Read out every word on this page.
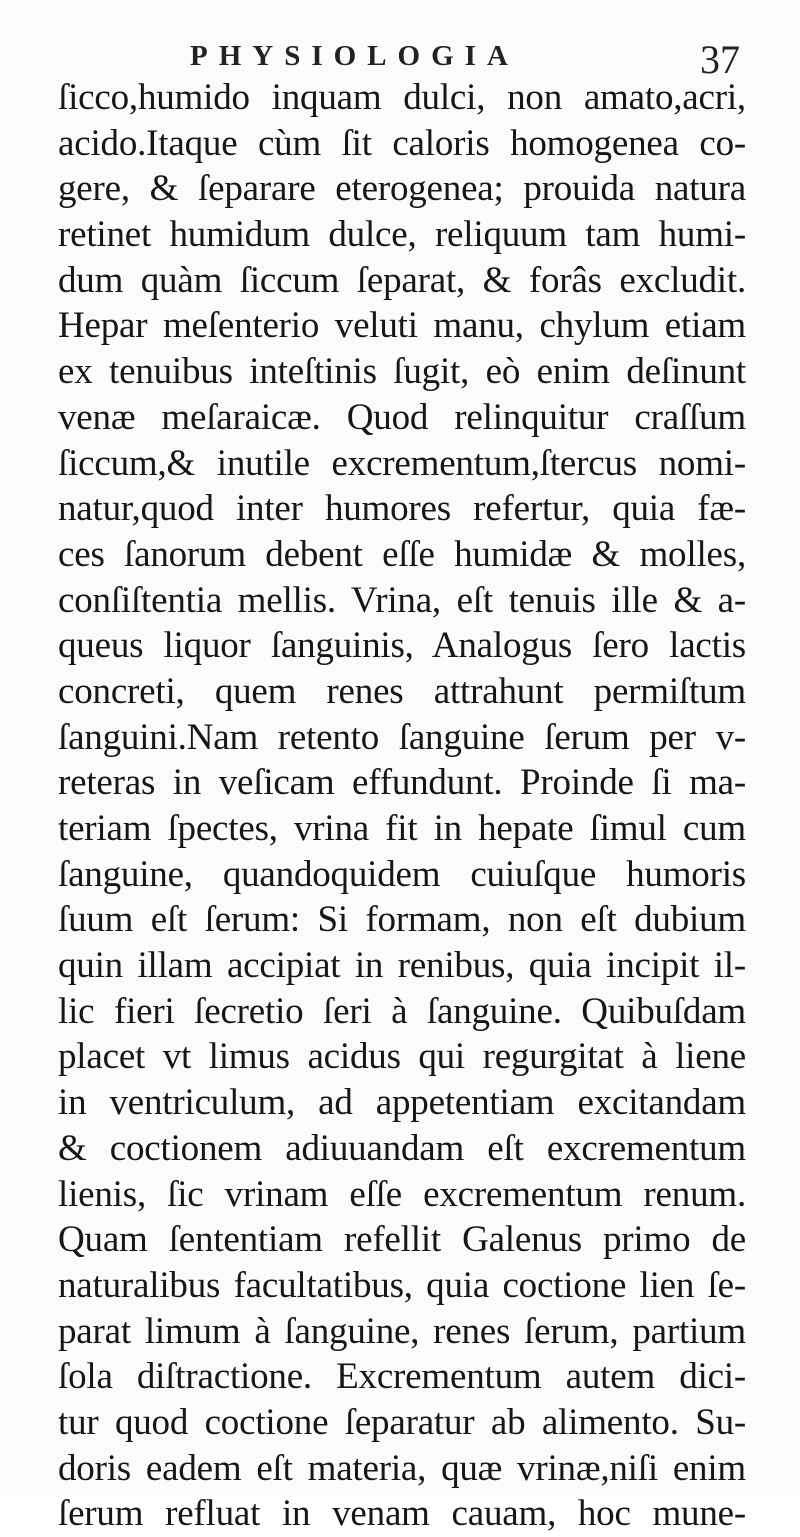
PHYSIOLOGIA	37
ſicco,humido inquam dulci, non amato,acri,
acido.Itaque cùm ſit caloris homogenea co-
gere, & ſeparare eterogenea; prouida natura
retinet humidum dulce, reliquum tam humi-
dum quàm ſiccum ſeparat, & forâs excludit.
Hepar meſenterio veluti manu, chylum etiam
ex tenuibus inteſtinis ſugit, eò enim deſinunt
venæ meſaraicæ. Quod relinquitur craſſum
ſiccum,& inutile excrementum,ſtercus nomi-
natur,quod inter humores refertur, quia fæ-
ces ſanorum debent eſſe humidæ & molles,
conſiſtentia mellis. Vrina, eſt tenuis ille & a-
queus liquor ſanguinis, Analogus ſero lactis
concreti, quem renes attrahunt permiſtum
ſanguini.Nam retento ſanguine ſerum per v-
reteras in veſicam effundunt. Proinde ſi ma-
teriam ſpectes, vrina fit in hepate ſimul cum
ſanguine, quandoquidem cuiuſque humoris
ſuum eſt ſerum: Si formam, non eſt dubium
quin illam accipiat in renibus, quia incipit il-
lic fieri ſecretio ſeri à ſanguine. Quibuſdam
placet vt limus acidus qui regurgitat à liene
in ventriculum, ad appetentiam excitandam
& coctionem adiuuandam eſt excrementum
lienis, ſic vrinam eſſe excrementum renum.
Quam ſententiam refellit Galenus primo de
naturalibus facultatibus, quia coctione lien ſe-
parat limum à ſanguine, renes ſerum, partium
ſola diſtractione. Excrementum autem dici-
tur quod coctione ſeparatur ab alimento. Su-
doris eadem eſt materia, quæ vrinæ,niſi enim
ſerum refluat in venam cauam, hoc mune-
